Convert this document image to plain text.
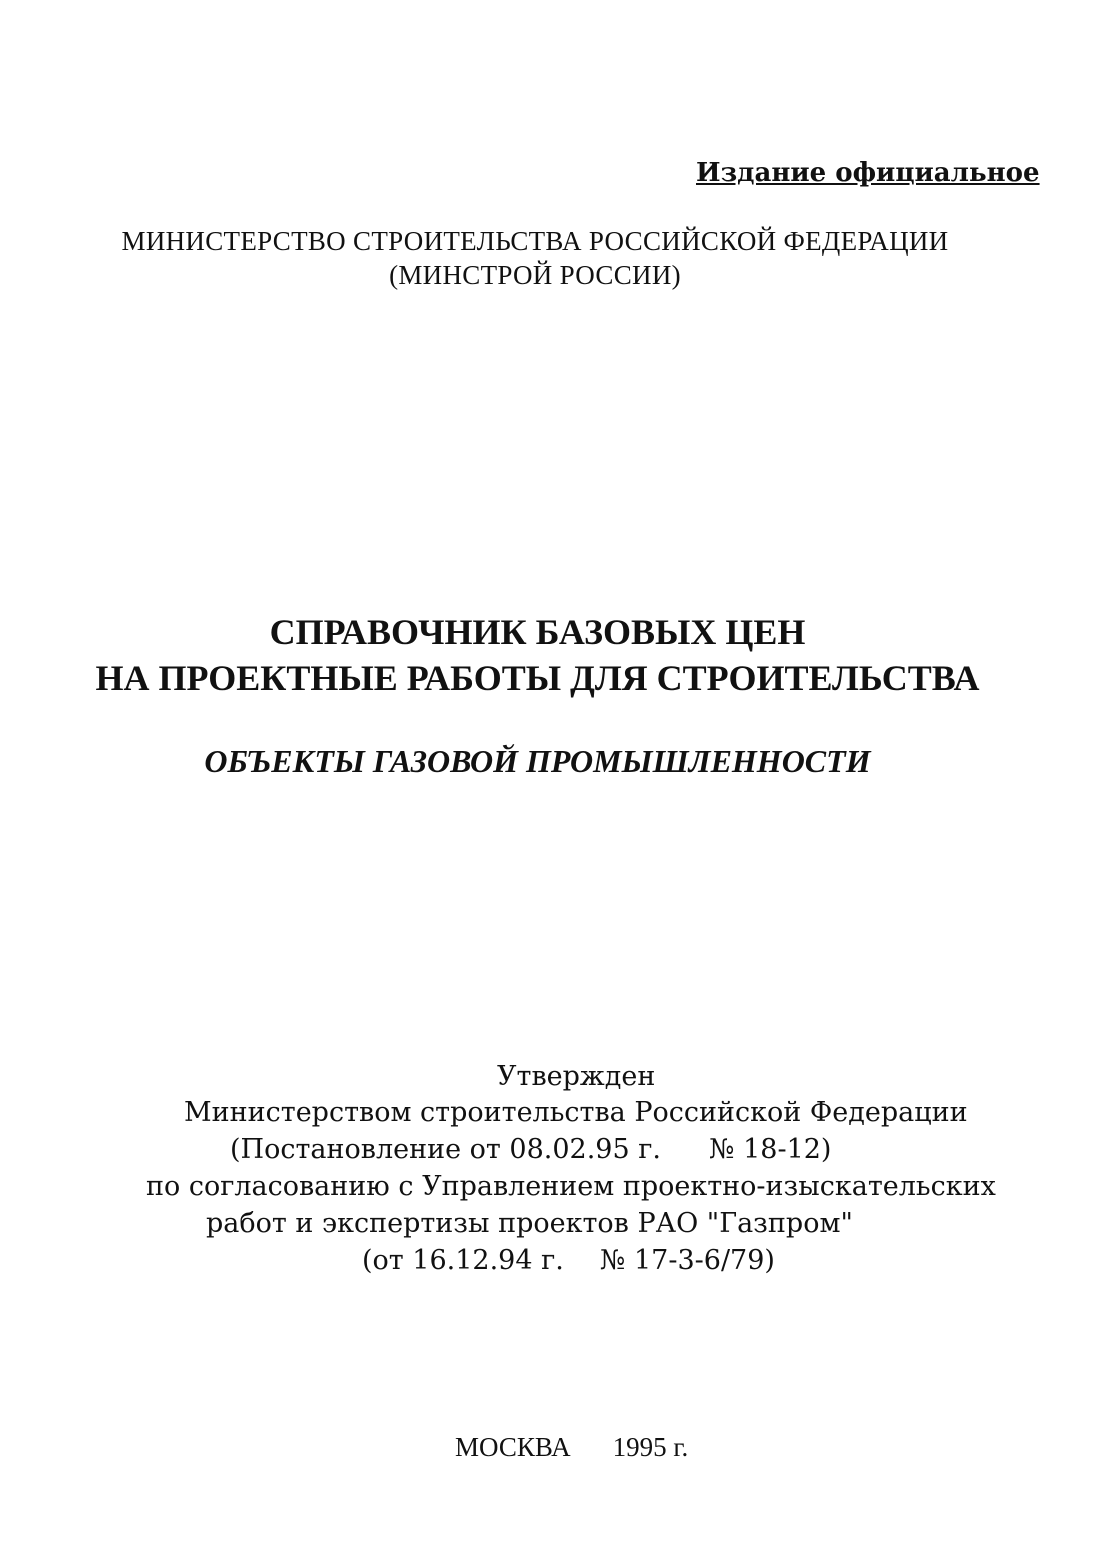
Издание официальное
МИНИСТЕРСТВО СТРОИТЕЛЬСТВА РОССИЙСКОЙ ФЕДЕРАЦИИ
(МИНСТРОЙ РОССИИ)
СПРАВОЧНИК БАЗОВЫХ ЦЕН
НА ПРОЕКТНЫЕ РАБОТЫ ДЛЯ СТРОИТЕЛЬСТВА
ОБЪЕКТЫ ГАЗОВОЙ ПРОМЫШЛЕННОСТИ
Утвержден
Министерством строительства Российской Федерации
(Постановление от 08.02.95 г. № 18-12)
по согласованию с Управлением проектно-изыскательских
работ и экспертизы проектов РАО "Газпром"
(от 16.12.94 г. № 17-3-6/79)
МОСКВА 1995 г.
